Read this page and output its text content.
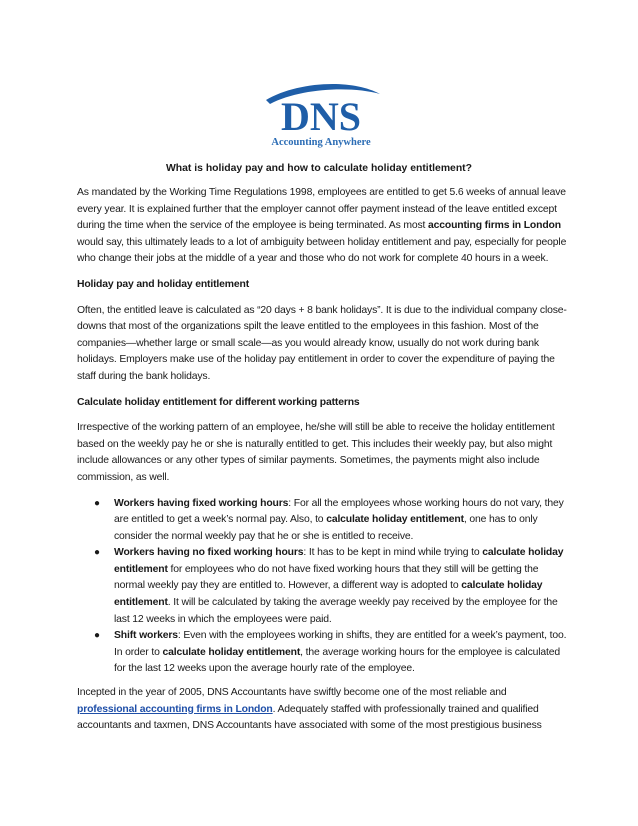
DNS
Accounting Anywhere
What is holiday pay and how to calculate holiday entitlement?

As mandated by the Working Time Regulations 1998, employees are entitled to get 5.6 weeks of annual leave every year. It is explained further that the employer cannot offer payment instead of the leave entitled except during the time when the service of the employee is being terminated. As most accounting firms in London would say, this ultimately leads to a lot of ambiguity between holiday entitlement and pay, especially for people who change their jobs at the middle of a year and those who do not work for complete 40 hours in a week.

Holiday pay and holiday entitlement

Often, the entitled leave is calculated as “20 days + 8 bank holidays”. It is due to the individual company close-downs that most of the organizations spilt the leave entitled to the employees in this fashion. Most of the companies—whether large or small scale—as you would already know, usually do not work during bank holidays. Employers make use of the holiday pay entitlement in order to cover the expenditure of paying the staff during the bank holidays.

Calculate holiday entitlement for different working patterns

Irrespective of the working pattern of an employee, he/she will still be able to receive the holiday entitlement based on the weekly pay he or she is naturally entitled to get. This includes their weekly pay, but also might include allowances or any other types of similar payments. Sometimes, the payments might also include commission, as well.

● Workers having fixed working hours: For all the employees whose working hours do not vary, they are entitled to get a week’s normal pay. Also, to calculate holiday entitlement, one has to only consider the normal weekly pay that he or she is entitled to receive.
● Workers having no fixed working hours: It has to be kept in mind while trying to calculate holiday entitlement for employees who do not have fixed working hours that they still will be getting the normal weekly pay they are entitled to. However, a different way is adopted to calculate holiday entitlement. It will be calculated by taking the average weekly pay received by the employee for the last 12 weeks in which the employees were paid.
● Shift workers: Even with the employees working in shifts, they are entitled for a week’s payment, too. In order to calculate holiday entitlement, the average working hours for the employee is calculated for the last 12 weeks upon the average hourly rate of the employee.

Incepted in the year of 2005, DNS Accountants have swiftly become one of the most reliable and professional accounting firms in London. Adequately staffed with professionally trained and qualified accountants and taxmen, DNS Accountants have associated with some of the most prestigious business
